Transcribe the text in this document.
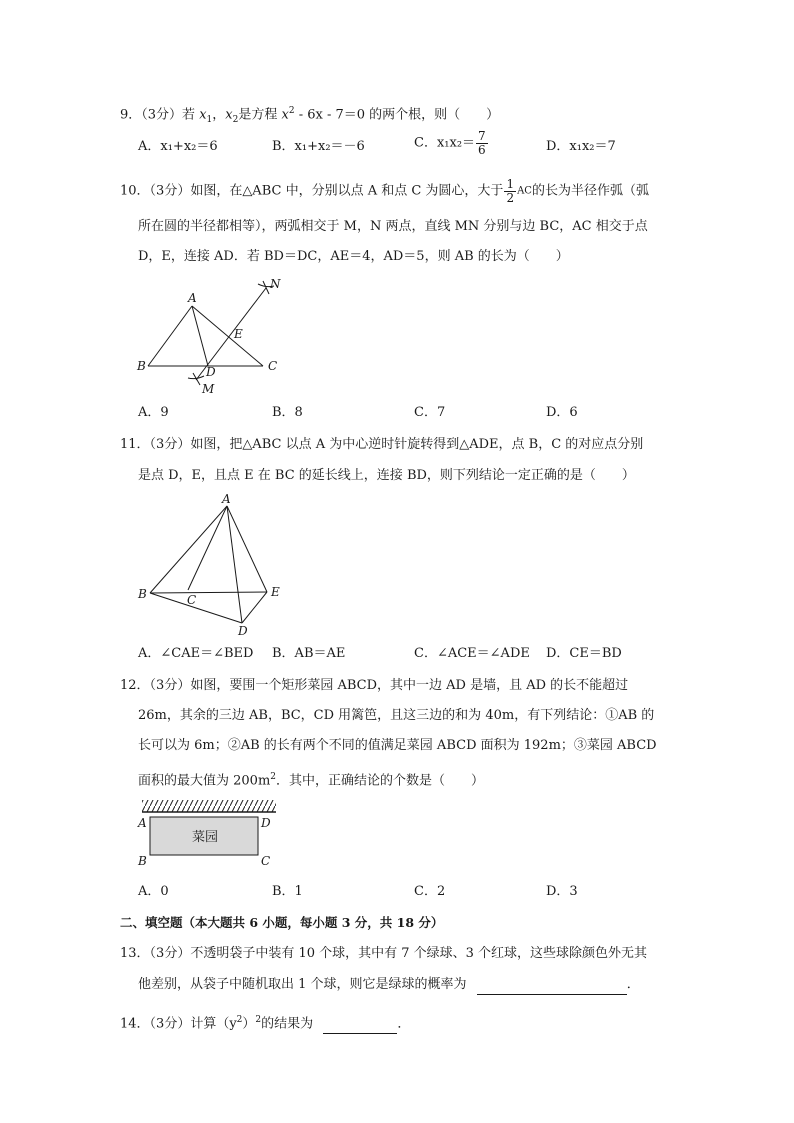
9．（3分）若 $x_1$，$x_2$是方程 $x^2 - 6x - 7=0$ 的两个根，则（　　）
A．x₁+x₂＝6	B．x₁+x₂＝－6	C．$x_1x_2= \frac{7}{6}$	D．x₁x₂＝7
10．（3分）如图，在△ABC 中，分别以点 A 和点 C 为圆心，大于 $\frac{1}{2}$ AC的长为半径作弧（弧
所在圆的半径都相等），两弧相交于 M，N 两点，直线 MN 分别与边 BC，AC 相交于点
D，E，连接 AD．若 BD＝DC，AE＝4，AD＝5，则 AB 的长为（　　）
A
B	C
D
E
M
N
A．9	B．8	C．7	D．6
11．（3分）如图，把△ABC 以点 A 为中心逆时针旋转得到△ADE，点 B，C 的对应点分别
是点 D，E，且点 E 在 BC 的延长线上，连接 BD，则下列结论一定正确的是（　　）
A
B	C
D
E
A．∠CAE＝∠BED B．AB＝AE	C．∠ACE＝∠ADE D．CE＝BD
12．（3分）如图，要围一个矩形菜园 ABCD，其中一边 AD 是墙，且 AD 的长不能超过
26m，其余的三边 AB，BC，CD 用篱笆，且这三边的和为 40m，有下列结论：①AB 的
长可以为 6m；②AB 的长有两个不同的值满足菜园 ABCD 面积为 192m；③菜园 ABCD
面积的最大值为 $200m^2$．其中，正确结论的个数是（　　）
菜园
A	D
B	C
A．0	B．1	C．2	D．3
二、填空题（本大题共 6 小题，每小题 3 分，共 18 分）
13．（3分）不透明袋子中装有 10 个球，其中有 7 个绿球、3 个红球，这些球除颜色外无其
他差别，从袋子中随机取出 1 个球，则它是绿球的概率为	．
14．（3分）计算$(y^2)^2$的结果为	．
